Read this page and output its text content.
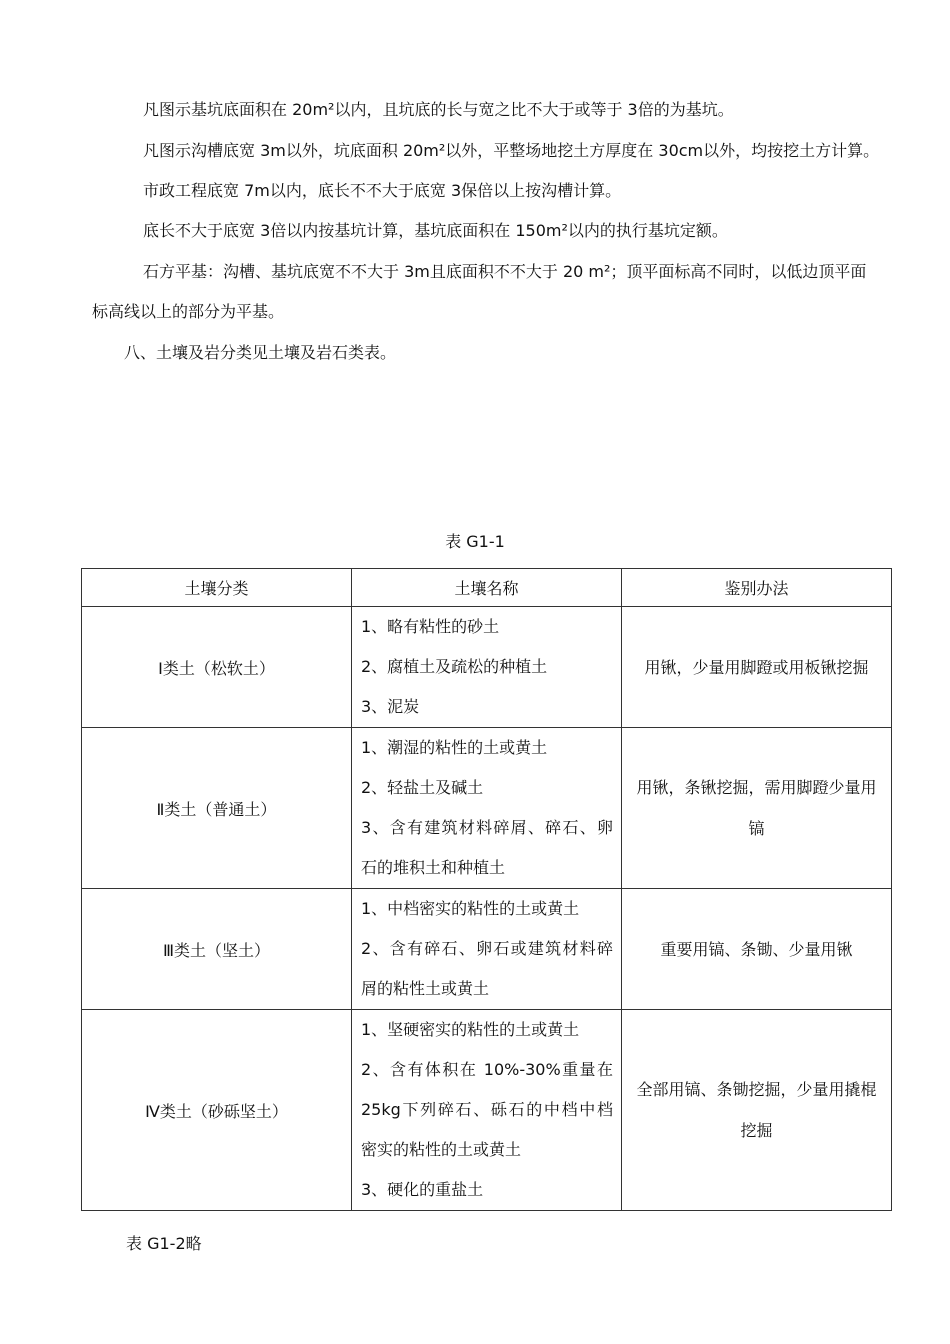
凡图示基坑底面积在 20m²以内，且坑底的长与宽之比不大于或等于 3倍的为基坑。
凡图示沟槽底宽 3m以外，坑底面积 20m²以外，平整场地挖土方厚度在 30cm以外，均按挖土方计算。
市政工程底宽 7m以内，底长不不大于底宽 3保倍以上按沟槽计算。
底长不大于底宽 3倍以内按基坑计算，基坑底面积在 150m²以内的执行基坑定额。
石方平基：沟槽、基坑底宽不不大于 3m且底面积不不大于 20 m²；顶平面标高不同时，以低边顶平面
标高线以上的部分为平基。
八、土壤及岩分类见土壤及岩石类表。
表 G1-1
土壤分类	土壤名称	鉴别办法
Ⅰ类土（松软土）	1、略有粘性的砂土
2、腐植土及疏松的种植土
3、泥炭	用锹，少量用脚蹬或用板锹挖掘
Ⅱ类土（普通土）	1、潮湿的粘性的土或黄土
2、轻盐土及碱土
3、含有建筑材料碎屑、碎石、卵
石的堆积土和种植土	用锹，条锹挖掘，需用脚蹬少量用镐
Ⅲ类土（坚土）	1、中档密实的粘性的土或黄土
2、含有碎石、卵石或建筑材料碎
屑的粘性土或黄土	重要用镐、条锄、少量用锹
Ⅳ类土（砂砾坚土）	1、坚硬密实的粘性的土或黄土
2、含有体积在 10%-30%重量在
25kg下列碎石、砾石的中档中档
密实的粘性的土或黄土
3、硬化的重盐土	全部用镐、条锄挖掘，少量用撬棍挖掘
表 G1-2略
